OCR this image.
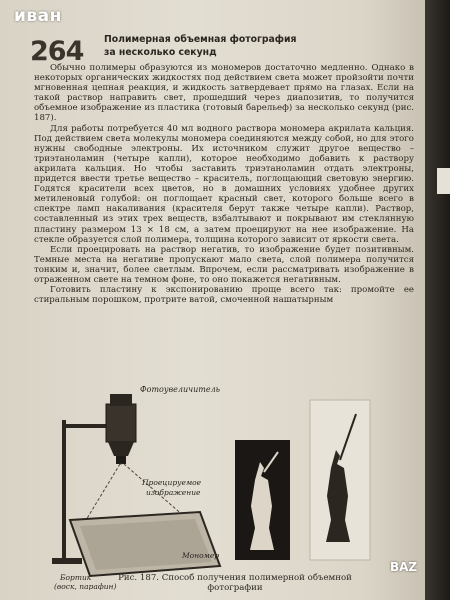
264 Полимерная объемная фотография
за несколько секунд

Обычно полимеры образуются из мономеров достаточно медленно. Однако в некоторых органических жидкостях под действием света может пройзойти почти мгновенная цепная реакция, и жидкость затвердевает прямо на глазах. Если на такой раствор направить свет, прошедший через диапозитив, то получится объемное изображение из пластика (готовый барельеф) за несколько секунд (рис. 187).

Для работы потребуется 40 мл водного раствора мономера акрилата кальция. Под действием света молекулы мономера соединяются между собой, но для этого нужны свободные электроны. Их источником служит другое вещество – триэтаноламин (четыре капли), которое необходимо добавить к раствору акрилата кальция. Но чтобы заставить триэтаноламин отдать электроны, придется ввести третье вещество – краситель, поглощающий световую энергию. Годятся красители всех цветов, но в домашних условиях удобнее других метиленовый голубой: он поглощает красный свет, которого больше всего в спектре ламп накаливания (красителя берут также четыре капли). Раствор, составленный из этих трех веществ, взбалтывают и покрывают им стеклянную пластину размером 13 × 18 см, а затем проецируют на нее изображение. На стекле образуется слой полимера, толщина которого зависит от яркости света.

Если проецировать на раствор негатив, то изображение будет позитивным. Темные места на негативе пропускают мало света, слой полимера получится тонким и, значит, более светлым. Впрочем, если рассматривать изображение в отраженном свете на темном фоне, то оно покажется негативным.

Готовить пластину к экспонированию проще всего так: промойте ее стиральным порошком, протрите ватой, смоченной нашатырным

Фотоувеличитель
Проецируемое
изображение
Бортик
(воск, парафин)
Мономер
Рис. 187. Способ получения полимерной объемной
фотографии
иван
BAZ
